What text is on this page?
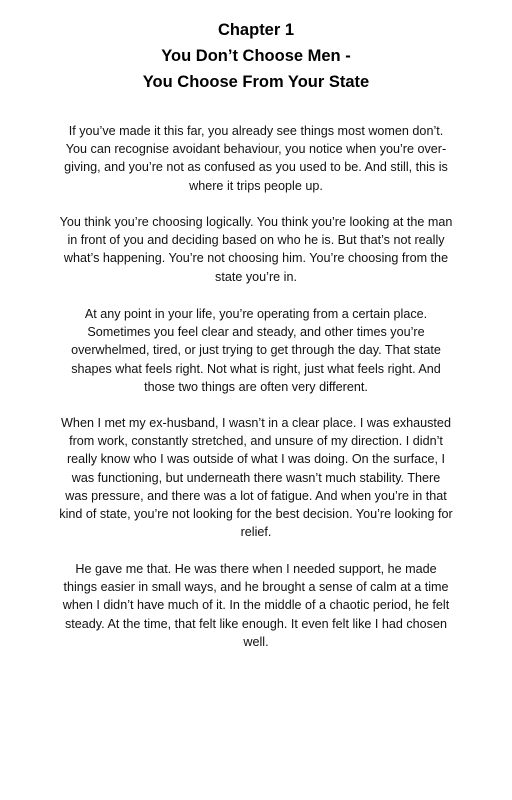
Chapter 1
You Don’t Choose Men -
You Choose From Your State
If you’ve made it this far, you already see things most women don’t.
You can recognise avoidant behaviour, you notice when you’re over-
giving, and you’re not as confused as you used to be. And still, this is
where it trips people up.
You think you’re choosing logically. You think you’re looking at the man
in front of you and deciding based on who he is. But that’s not really
what’s happening. You’re not choosing him. You’re choosing from the
state you’re in.
At any point in your life, you’re operating from a certain place.
Sometimes you feel clear and steady, and other times you’re
overwhelmed, tired, or just trying to get through the day. That state
shapes what feels right. Not what is right, just what feels right. And
those two things are often very different.
When I met my ex-husband, I wasn’t in a clear place. I was exhausted
from work, constantly stretched, and unsure of my direction. I didn’t
really know who I was outside of what I was doing. On the surface, I
was functioning, but underneath there wasn’t much stability. There
was pressure, and there was a lot of fatigue. And when you’re in that
kind of state, you’re not looking for the best decision. You’re looking for
relief.
He gave me that. He was there when I needed support, he made
things easier in small ways, and he brought a sense of calm at a time
when I didn’t have much of it. In the middle of a chaotic period, he felt
steady. At the time, that felt like enough. It even felt like I had chosen
well.
